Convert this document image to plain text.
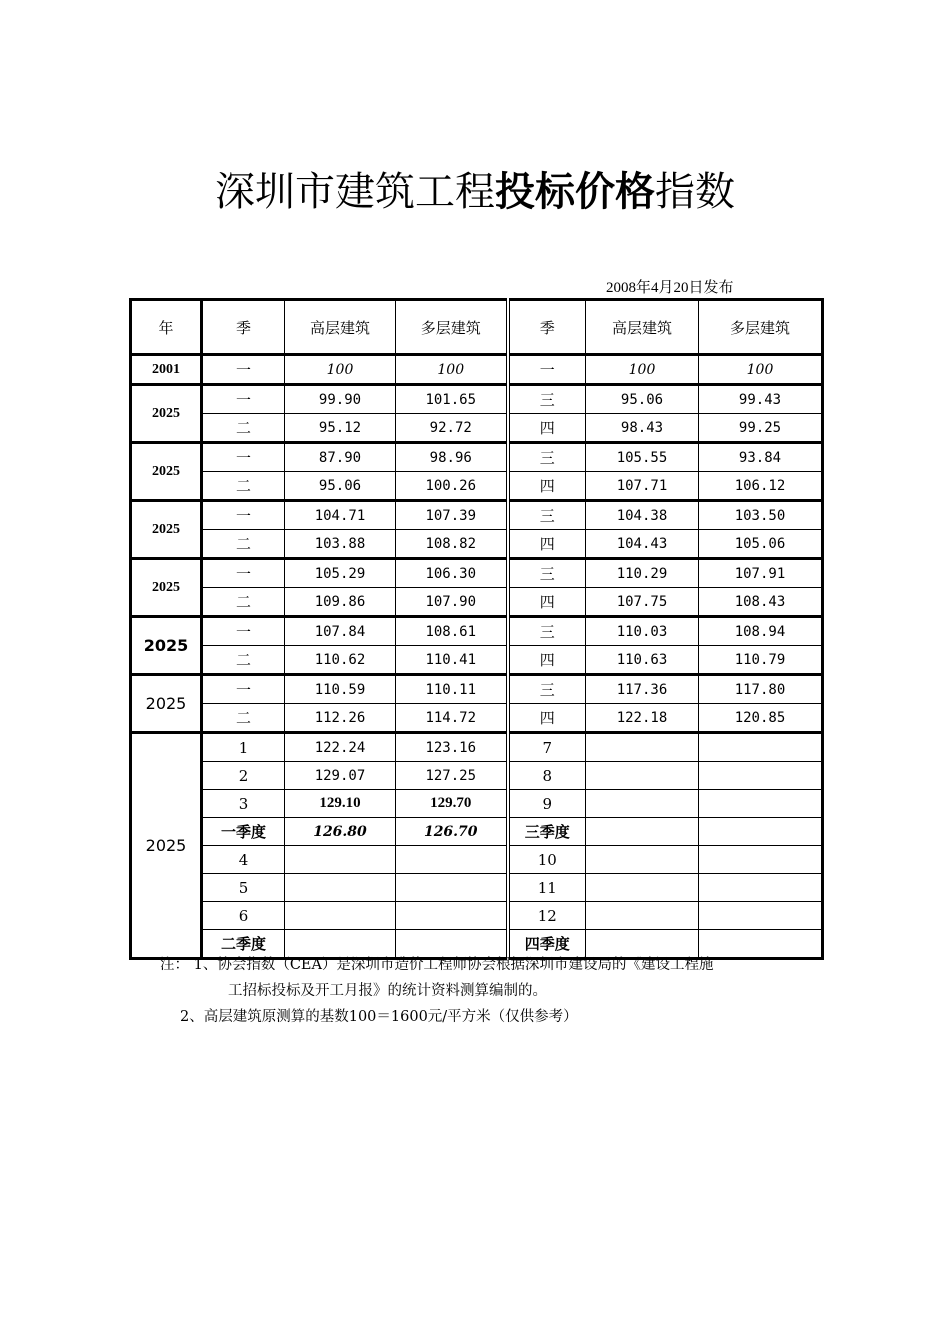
深圳市建筑工程投标价格指数
2008年4月20日发布
年	季	高层建筑	多层建筑	季	高层建筑	多层建筑
2001	一	100	100	一	100	100
2025	一	99.90	101.65	三	95.06	99.43
	二	95.12	92.72	四	98.43	99.25
2025	一	87.90	98.96	三	105.55	93.84
	二	95.06	100.26	四	107.71	106.12
2025	一	104.71	107.39	三	104.38	103.50
	二	103.88	108.82	四	104.43	105.06
2025	一	105.29	106.30	三	110.29	107.91
	二	109.86	107.90	四	107.75	108.43
2025	一	107.84	108.61	三	110.03	108.94
	二	110.62	110.41	四	110.63	110.79
2025	一	110.59	110.11	三	117.36	117.80
	二	112.26	114.72	四	122.18	120.85
2025	1	122.24	123.16	7		
	2	129.07	127.25	8		
	3	129.10	129.70	9		
	一季度	126.80	126.70	三季度		
	4			10		
	5			11		
	6			12		
	二季度			四季度		
注： 1、协会指数（CEA）是深圳市造价工程师协会根据深圳市建设局的《建设工程施
工招标投标及开工月报》的统计资料测算编制的。
2、高层建筑原测算的基数100＝1600元/平方米（仅供参考）
